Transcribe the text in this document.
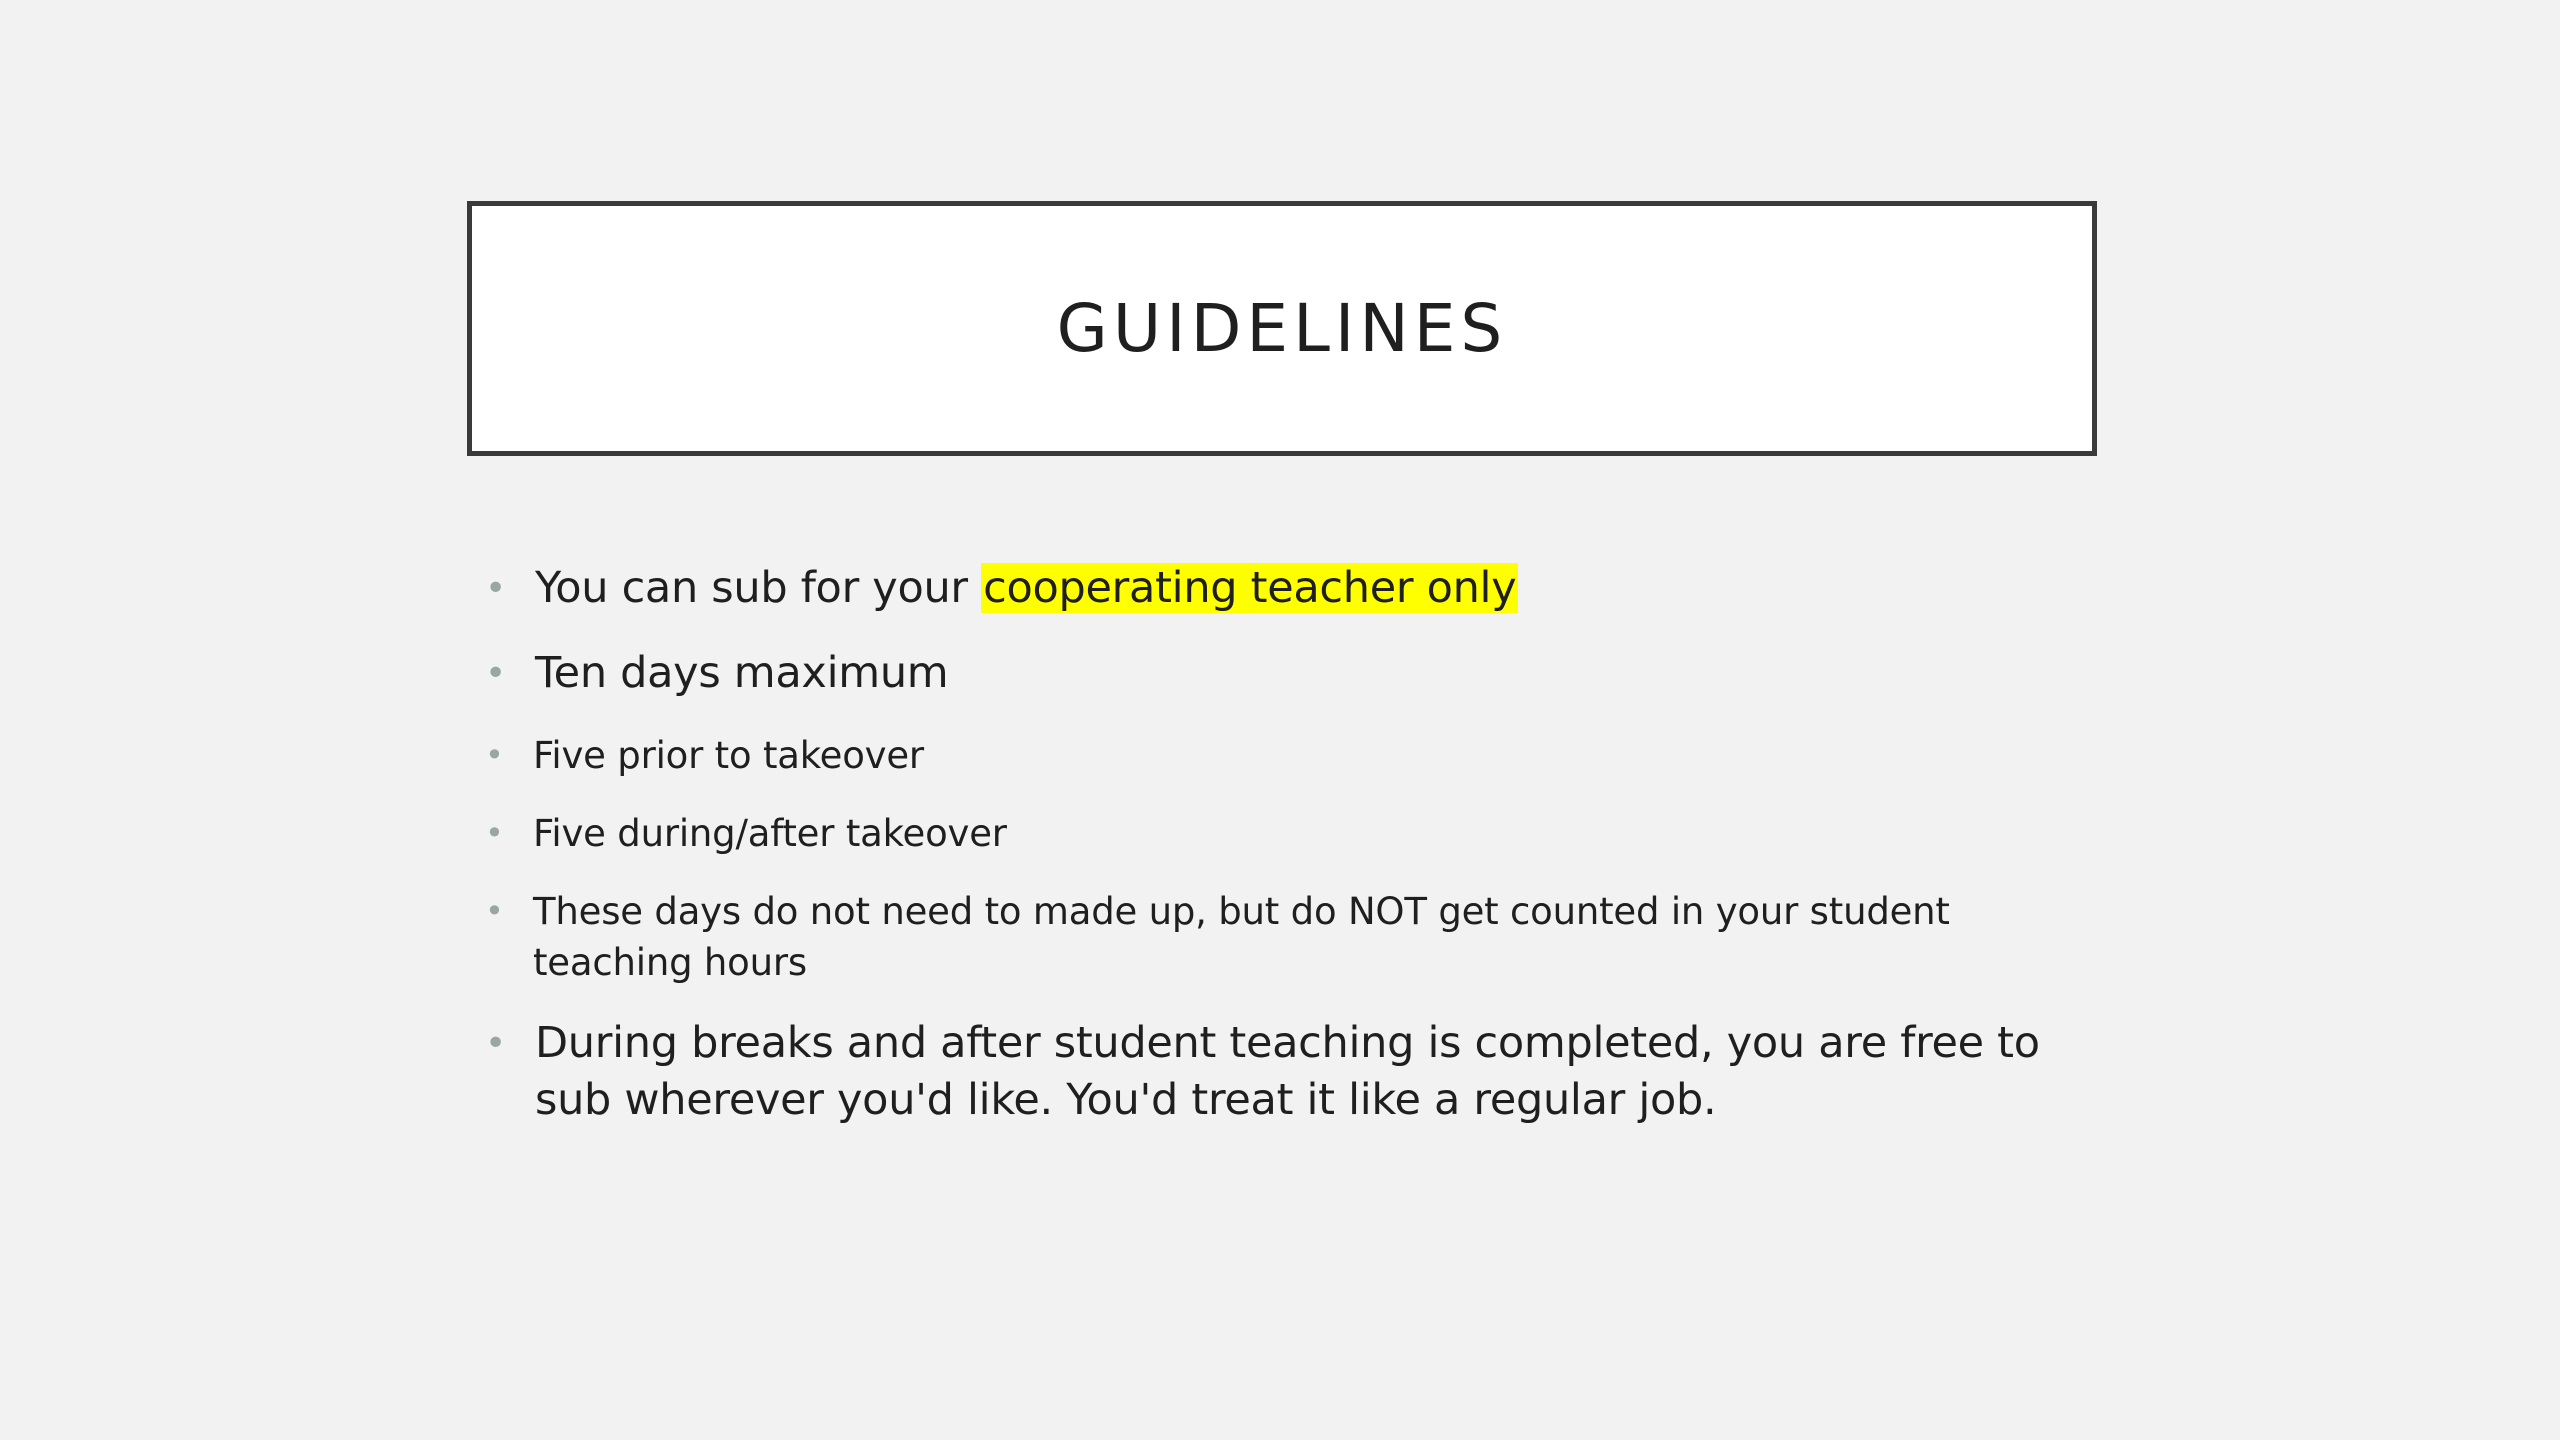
GUIDELINES
• You can sub for your cooperating teacher only
• Ten days maximum
• Five prior to takeover
• Five during/after takeover
• These days do not need to made up, but do NOT get counted in your student teaching hours
• During breaks and after student teaching is completed, you are free to sub wherever you'd like. You'd treat it like a regular job.
